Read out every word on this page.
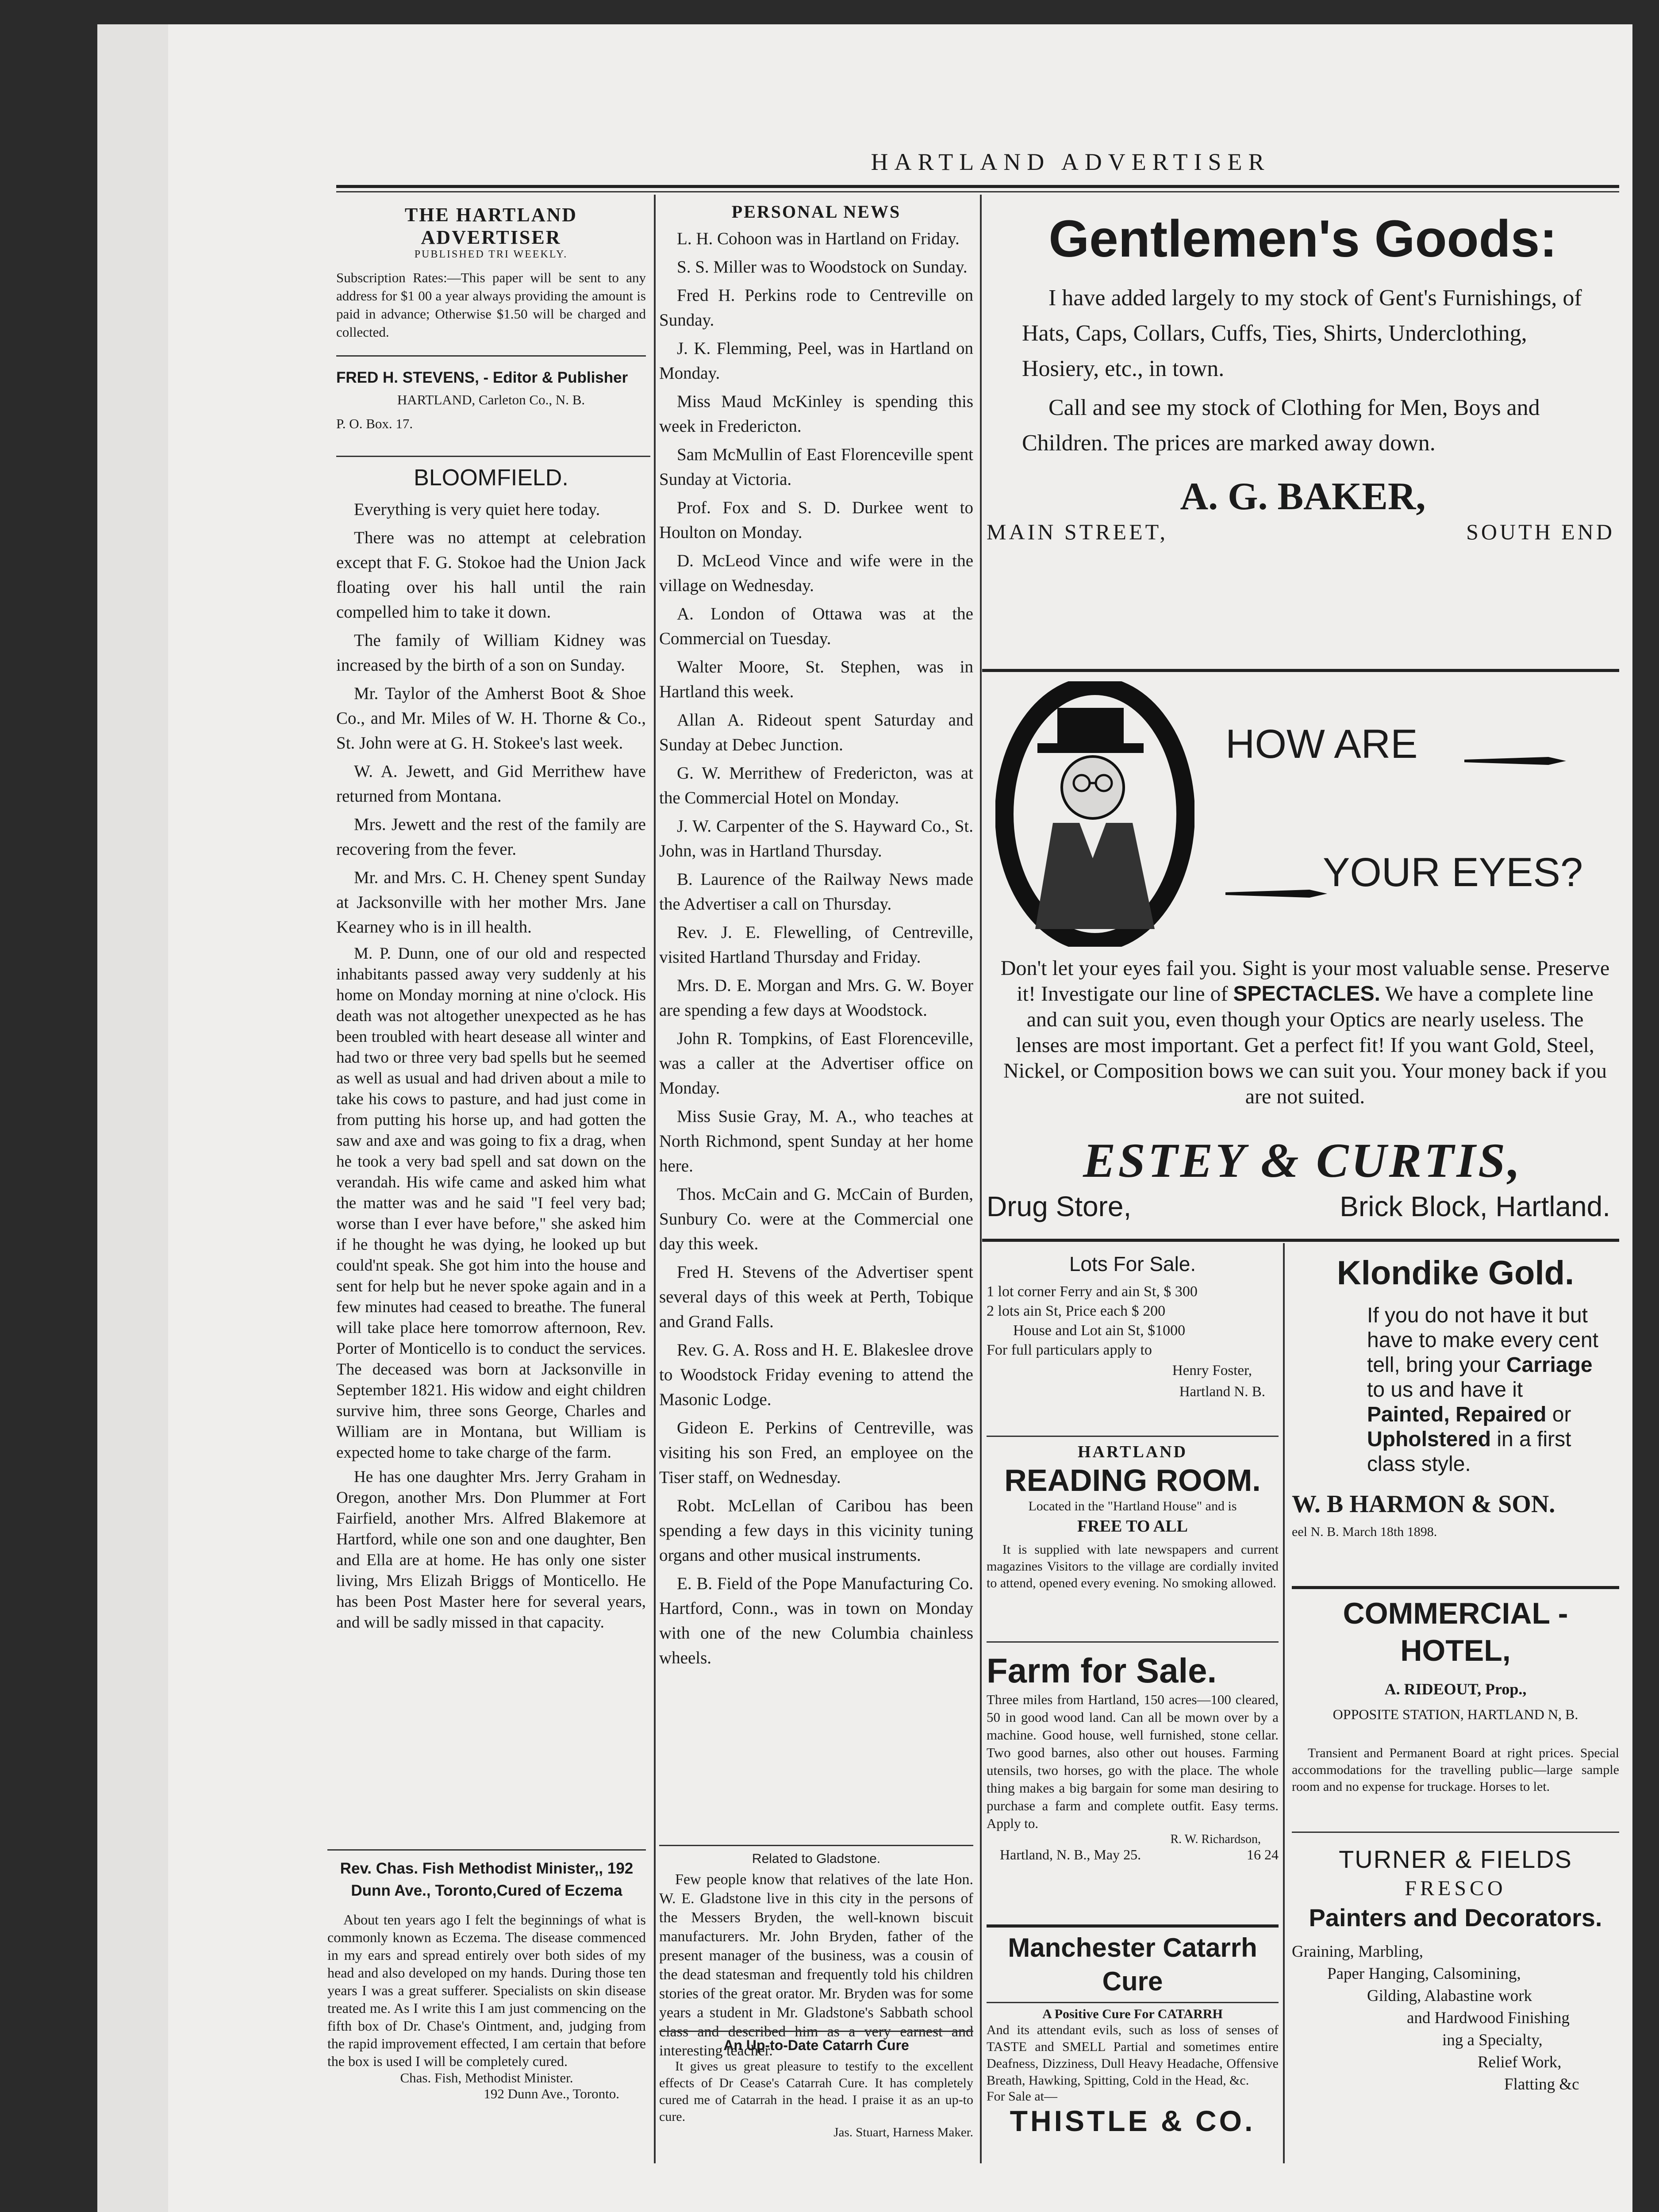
HARTLAND ADVERTISER
THE HARTLAND ADVERTISER
PUBLISHED TRI WEEKLY.
Subscription Rates:—This paper will be sent to any address for $1 00 a year always providing the amount is paid in advance; Otherwise $1.50 will be charged and collected.
FRED H. STEVENS, - Editor & Publisher
HARTLAND, Carleton Co., N. B.
P. O. Box. 17.
BLOOMFIELD.

Everything is very quiet here today.

There was no attempt at celebration except that F. G. Stokoe had the Union Jack floating over his hall until the rain compelled him to take it down.

The family of William Kidney was increased by the birth of a son on Sunday.

Mr. Taylor of the Amherst Boot & Shoe Co., and Mr. Miles of W. H. Thorne & Co., St. John were at G. H. Stokee's last week.

W. A. Jewett, and Gid Merrithew have returned from Montana.

Mrs. Jewett and the rest of the family are recovering from the fever.

Mr. and Mrs. C. H. Cheney spent Sunday at Jacksonville with her mother Mrs. Jane Kearney who is in ill health.

M. P. Dunn, one of our old and respected inhabitants passed away very suddenly at his home on Monday morning at nine o'clock. His death was not altogether unexpected as he has been troubled with heart desease all winter and had two or three very bad spells but he seemed as well as usual and had driven about a mile to take his cows to pasture, and had just come in from putting his horse up, and had gotten the saw and axe and was going to fix a drag, when he took a very bad spell and sat down on the verandah. His wife came and asked him what the matter was and he said "I feel very bad; worse than I ever have before," she asked him if he thought he was dying, he looked up but could'nt speak. She got him into the house and sent for help but he never spoke again and in a few minutes had ceased to breathe. The funeral will take place here tomorrow afternoon, Rev. Porter of Monticello is to conduct the services. The deceased was born at Jacksonville in September 1821. His widow and eight children survive him, three sons George, Charles and William are in Montana, but William is expected home to take charge of the farm.

He has one daughter Mrs. Jerry Graham in Oregon, another Mrs. Don Plummer at Fort Fairfield, another Mrs. Alfred Blakemore at Hartford, while one son and one daughter, Ben and Ella are at home. He has only one sister living, Mrs Elizah Briggs of Monticello. He has been Post Master here for several years, and will be sadly missed in that capacity.

Rev. Chas. Fish Methodist Minister,, 192 Dunn Ave., Toronto,Cured of Eczema

About ten years ago I felt the beginnings of what is commonly known as Eczema. The disease commenced in my ears and spread entirely over both sides of my head and also developed on my hands. During those ten years I was a great sufferer. Specialists on skin disease treated me. As I write this I am just commencing on the fifth box of Dr. Chase's Ointment, and, judging from the rapid improvement effected, I am certain that before the box is used I will be completely cured.

Chas. Fish, Methodist Minister.
192 Dunn Ave., Toronto.
PERSONAL NEWS

L. H. Cohoon was in Hartland on Friday.

S. S. Miller was to Woodstock on Sunday.

Fred H. Perkins rode to Centreville on Sunday.

J. K. Flemming, Peel, was in Hartland on Monday.

Miss Maud McKinley is spending this week in Fredericton.

Sam McMullin of East Florenceville spent Sunday at Victoria.

Prof. Fox and S. D. Durkee went to Houlton on Monday.

D. McLeod Vince and wife were in the village on Wednesday.

A. London of Ottawa was at the Commercial on Tuesday.

Walter Moore, St. Stephen, was in Hartland this week.

Allan A. Rideout spent Saturday and Sunday at Debec Junction.

G. W. Merrithew of Fredericton, was at the Commercial Hotel on Monday.

J. W. Carpenter of the S. Hayward Co., St. John, was in Hartland Thursday.

B. Laurence of the Railway News made the Advertiser a call on Thursday.

Rev. J. E. Flewelling, of Centreville, visited Hartland Thursday and Friday.

Mrs. D. E. Morgan and Mrs. G. W. Boyer are spending a few days at Woodstock.

John R. Tompkins, of East Florenceville, was a caller at the Advertiser office on Monday.

Miss Susie Gray, M. A., who teaches at North Richmond, spent Sunday at her home here.

Thos. McCain and G. McCain of Burden, Sunbury Co. were at the Commercial one day this week.

Fred H. Stevens of the Advertiser spent several days of this week at Perth, Tobique and Grand Falls.

Rev. G. A. Ross and H. E. Blakeslee drove to Woodstock Friday evening to attend the Masonic Lodge.

Gideon E. Perkins of Centreville, was visiting his son Fred, an employee on the Tiser staff, on Wednesday.

Robt. McLellan of Caribou has been spending a few days in this vicinity tuning organs and other musical instruments.

E. B. Field of the Pope Manufacturing Co. Hartford, Conn., was in town on Monday with one of the new Columbia chainless wheels.

Related to Gladstone.

Few people know that relatives of the late Hon. W. E. Gladstone live in this city in the persons of the Messers Bryden, the well-known biscuit manufacturers. Mr. John Bryden, father of the present manager of the business, was a cousin of the dead statesman and frequently told his children stories of the great orator. Mr. Bryden was for some years a student in Mr. Gladstone's Sabbath school class and described him as a very earnest and interesting teacher.

An Up-to-Date Catarrh Cure

It gives us great pleasure to testify to the excellent effects of Dr Cease's Catarrah Cure. It has completely cured me of Catarrah in the head. I praise it as an up-to cure.

Jas. Stuart, Harness Maker.
Gentlemen's Goods:

I have added largely to my stock of Gent's Furnishings, of Hats, Caps, Collars, Cuffs, Ties, Shirts, Underclothing, Hosiery, etc., in town.

Call and see my stock of Clothing for Men, Boys and Children. The prices are marked away down.

A. G. BAKER,
MAIN STREET,	SOUTH END
HOW ARE
YOUR EYES?
Don't let your eyes fail you. Sight is your most valuable sense. Preserve it! Investigate our line of SPECTACLES. We have a complete line and can suit you, even though your Optics are nearly useless. The lenses are most important. Get a perfect fit! If you want Gold, Steel, Nickel, or Composition bows we can suit you. Your money back if you are not suited.
ESTEY & CURTIS,
Drug Store,	Brick Block, Hartland.
Lots For Sale.
1 lot corner Ferry and ain St, $ 300
2 lots ain St, Price each $ 200
House and Lot ain St, $1000
For full particulars apply to
Henry Foster,
Hartland N. B.
HARTLAND
READING ROOM.
Located in the "Hartland House" and is
FREE TO ALL

It is supplied with late newspapers and current magazines Visitors to the village are cordially invited to attend, opened every evening. No smoking allowed.

Farm for Sale.

Three miles from Hartland, 150 acres—100 cleared, 50 in good wood land. Can all be mown over by a machine. Good house, well furnished, stone cellar. Two good barnes, also other out houses. Farming utensils, two horses, go with the place. The whole thing makes a big bargain for some man desiring to purchase a farm and complete outfit. Easy terms. Apply to.

R. W. Richardson,
Hartland, N. B., May 25.	16 24
Manchester Catarrh Cure
A Positive Cure For CATARRH

And its attendant evils, such as loss of senses of TASTE and SMELL Partial and sometimes entire Deafness, Dizziness, Dull Heavy Headache, Offensive Breath, Hawking, Spitting, Cold in the Head, &c.

For Sale at—
THISTLE & CO.
Klondike Gold.
If you do not have it but have to make every cent tell, bring your Carriage to us and have it Painted, Repaired or Upholstered in a first class style.
W. B HARMON & SON.
eel N. B. March 18th 1898.
COMMERCIAL - HOTEL,
A. RIDEOUT, Prop.,
OPPOSITE STATION, HARTLAND N, B.

Transient and Permanent Board at right prices. Special accommodations for the travelling public—large sample room and no expense for truckage. Horses to let.

TURNER & FIELDS
FRESCO
Painters and Decorators.
Graining, Marbling,
Paper Hanging, Calsomining,
Gilding, Alabastine work
and Hardwood Finishing
ing a Specialty,
Relief Work,
Flatting &c
